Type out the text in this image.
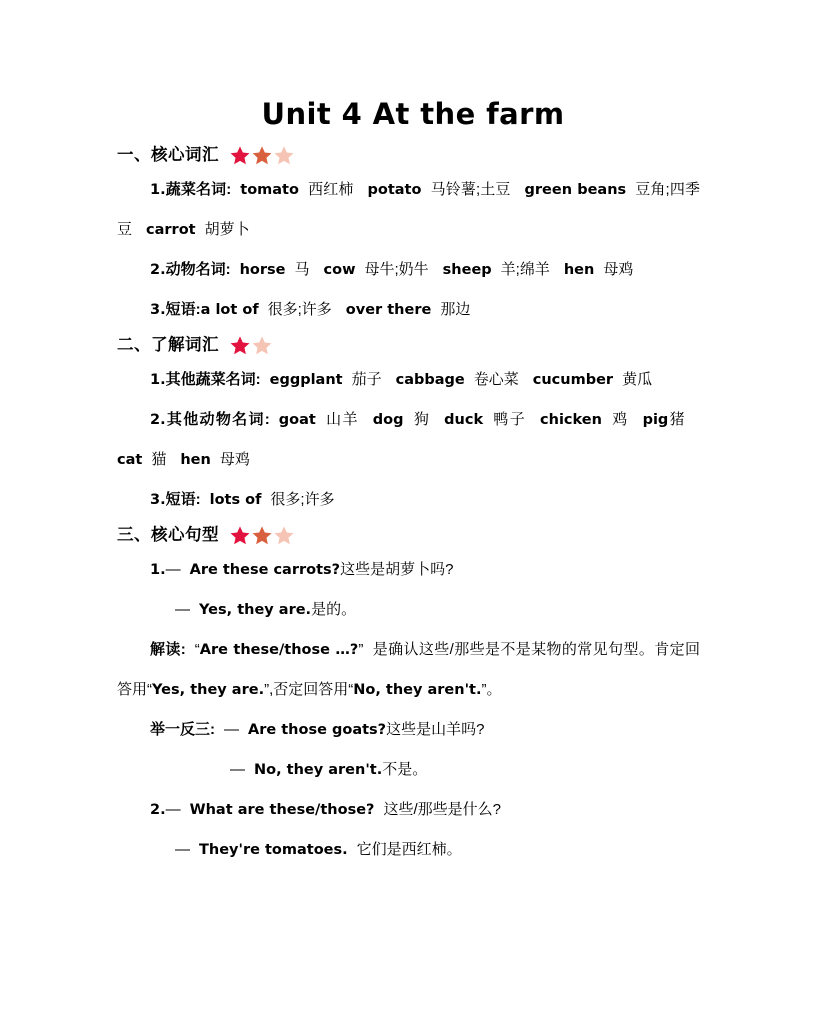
Unit 4 At the farm
一、核心词汇

1.蔬菜名词: tomato 西红柿 potato 马铃薯;土豆 green beans 豆角;四季豆 carrot 胡萝卜

2.动物名词: horse 马 cow 母牛;奶牛 sheep 羊;绵羊 hen 母鸡

3.短语:a lot of 很多;许多 over there 那边

二、了解词汇

1.其他蔬菜名词: eggplant 茄子 cabbage 卷心菜 cucumber 黄瓜

2.其他动物名词: goat 山羊 dog 狗 duck 鸭子 chicken 鸡 pig猪cat 猫 hen 母鸡

3.短语: lots of 很多;许多

三、核心句型

1.— Are these carrots?这些是胡萝卜吗?

— Yes, they are.是的。

解读: “Are these/those …?” 是确认这些/那些是不是某物的常见句型。肯定回答用“Yes, they are.”,否定回答用“No, they aren't.”。

举一反三: — Are those goats?这些是山羊吗?

— No, they aren't.不是。

2.— What are these/those? 这些/那些是什么?

— They're tomatoes. 它们是西红柿。
